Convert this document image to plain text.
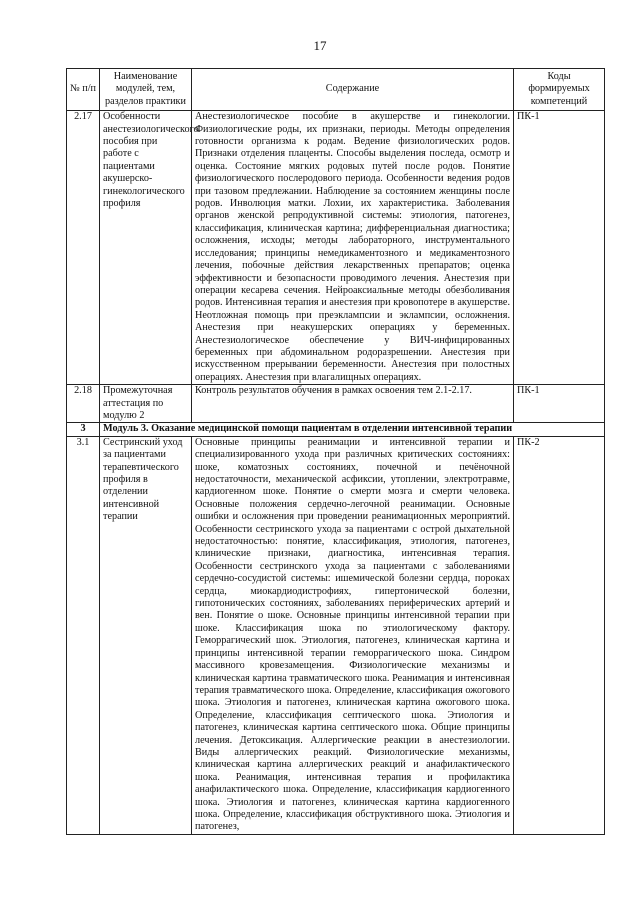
17
№ п/п	Наименование модулей, тем, разделов практики	Содержание	Коды формируемых компетенций
2.17	Особенности анестезиологического пособия при работе с пациентами акушерско-гинекологического профиля	Анестезиологическое пособие в акушерстве и гинекологии. Физиологические роды, их признаки, периоды. Методы определения готовности организма к родам. Ведение физиологических родов. Признаки отделения плаценты. Способы выделения последа, осмотр и оценка. Состояние мягких родовых путей после родов. Понятие физиологического послеродового периода. Особенности ведения родов при тазовом предлежании. Наблюдение за состоянием женщины после родов. Инволюция матки. Лохии, их характеристика. Заболевания органов женской репродуктивной системы: этиология, патогенез, классификация, клиническая картина; дифференциальная диагностика; осложнения, исходы; методы лабораторного, инструментального исследования; принципы немедикаментозного и медикаментозного лечения, побочные действия лекарственных препаратов; оценка эффективности и безопасности проводимого лечения. Анестезия при операции кесарева сечения. Нейроаксиальные методы обезболивания родов. Интенсивная терапия и анестезия при кровопотере в акушерстве. Неотложная помощь при преэклампсии и эклампсии, осложнения. Анестезия при неакушерских операциях у беременных. Анестезиологическое обеспечение у ВИЧ-инфицированных беременных при абдоминальном родоразрешении. Анестезия при искусственном прерывании беременности. Анестезия при полостных операциях. Анестезия при влагалищных операциях.	ПК-1
2.18	Промежуточная аттестация по модулю 2	Контроль результатов обучения в рамках освоения тем 2.1-2.17.	ПК-1
3	Модуль 3. Оказание медицинской помощи пациентам в отделении интенсивной терапии		
3.1	Сестринский уход за пациентами терапевтического профиля в отделении интенсивной терапии	Основные принципы реанимации и интенсивной терапии и специализированного ухода при различных критических состояниях: шоке, коматозных состояниях, почечной и печёночной недостаточности, механической асфиксии, утоплении, электротравме, кардиогенном шоке. Понятие о смерти мозга и смерти человека. Основные положения сердечно-легочной реанимации. Основные ошибки и осложнения при проведении реанимационных мероприятий. Особенности сестринского ухода за пациентами с острой дыхательной недостаточностью: понятие, классификация, этиология, патогенез, клинические признаки, диагностика, интенсивная терапия. Особенности сестринского ухода за пациентами с заболеваниями сердечно-сосудистой системы: ишемической болезни сердца, пороках сердца, миокардиодистрофиях, гипертонической болезни, гипотонических состояниях, заболеваниях периферических артерий и вен. Понятие о шоке. Основные принципы интенсивной терапии при шоке. Классификация шока по этиологическому фактору. Геморрагический шок. Этиология, патогенез, клиническая картина и принципы интенсивной терапии геморрагического шока. Синдром массивного кровезамещения. Физиологические механизмы и клиническая картина травматического шока. Реанимация и интенсивная терапия травматического шока. Определение, классификация ожогового шока. Этиология и патогенез, клиническая картина ожогового шока. Определение, классификация септического шока. Этиология и патогенез, клиническая картина септического шока. Общие принципы лечения. Детоксикация. Аллергические реакции в анестезиологии. Виды аллергических реакций. Физиологические механизмы, клиническая картина аллергических реакций и анафилактического шока. Реанимация, интенсивная терапия и профилактика анафилактического шока. Определение, классификация кардиогенного шока. Этиология и патогенез, клиническая картина кардиогенного шока. Определение, классификация обструктивного шока. Этиология и патогенез,	ПК-2
